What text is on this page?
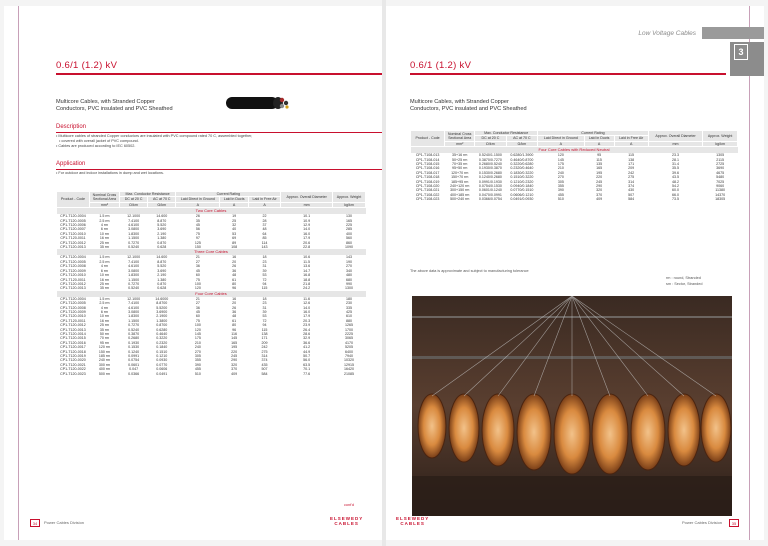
0.6/1 (1.2) kV
Multicore Cables, with Stranded Copper
Conductors, PVC insulated and PVC Sheathed
Description
• Multicore cables of stranded Copper conductors are insulated with PVC compound rated 70 C, assembled together,
• covered with overall jacket of PVC compound.
• Cables are produced according to IEC 60502.
Application
• For outdoor and indoor installations in dump and wet locations.
Product - Code	Nominal Cross Sectional Area	Max. Conductor Resistance		Current Rating			Approx. Overall Diameter	Approx. Weight
		DC at 20 C	AC at 70 C	Laid Direct in Ground	Laid in Ducts	Laid in Free Air		
	mm²	Ω/km	Ω/km	A	A	A	mm	kg/km
Two Core Cables								
CP1-T120-0004	1.5 rm	12.1000	14.600	26	19	22	10.1	130
CP1-T120-0005	2.5 rm	7.4100	8.870	35	25	28	10.9	165
CP1-T120-0006	4 rm	4.6100	5.520	45	32	37	12.9	225
CP1-T120-0007	6 rm	3.0800	3.690	56	40	48	14.0	285
CP1-T120-0010	10 rm	1.8300	2.190	75	53	64	16.0	400
CP1-T120-0011	16 rm	1.1500	1.380	97	69	85	17.9	560
CP1-T120-0012	25 rm	0.7270	0.870	125	89	114	20.6	860
CP1-T120-0013	35 rm	0.5240	0.628	150	108	143	22.8	1090

Three Core Cables								
CP1-T120-0004	1.5 rm	12.1000	14.600	21	16	18	10.6	143
CP1-T120-0005	2.5 rm	7.4100	8.870	27	20	23	11.5	190
CP1-T120-0008	4 rm	4.6100	5.520	36	26	31	13.6	270
CP1-T120-0009	6 rm	3.0800	3.690	45	36	39	14.7	340
CP1-T120-0010	10 rm	1.8300	2.190	60	48	53	16.8	480
CP1-T120-0011	16 rm	1.1500	1.380	75	61	72	18.8	680
CP1-T120-0012	25 rm	0.7270	0.870	100	80	94	21.8	990
CP1-T120-0013	35 rm	0.5240	0.628	120	96	115	24.2	1300

Four Core Cables								
CP1-T120-0004	1.5 rm	12.1000	14.6000	21	16	18	11.6	180
CP1-T120-0005	2.5 rm	7.4100	8.8700	27	20	23	12.6	230
CP1-T120-0008	4 rm	4.6100	5.5200	36	26	31	14.0	335
CP1-T120-0009	6 rm	3.0800	3.6900	45	36	39	16.0	425
CP1-T120-0010	10 rm	1.8300	2.1900	60	48	53	17.9	610
CP1-T120-0011	16 rm	1.1500	1.3800	75	61	72	20.3	880
CP1-T120-0012	25 rm	0.7270	0.8700	100	80	94	23.9	1265
CP1-T120-0013	35 rm	0.5240	0.6280	120	96	115	26.4	1700
CP1-T120-0014	50 rm	0.3870	0.4640	145	116	138	28.6	2225
CP1-T120-0015	70 rm	0.2680	0.3220	175	145	171	32.9	3065
CP1-T120-0016	95 rm	0.1930	0.2320	210	165	209	36.6	4170
CP1-T120-0017	120 rm	0.1530	0.1840	240	195	242	41.2	5205
CP1-T120-0018	150 rm	0.1240	0.1510	270	220	275	44.9	6400
CP1-T120-0019	185 rm	0.0991	0.1210	305	245	314	50.7	7940
CP1-T120-0020	240 rm	0.0754	0.0930	355	290	374	56.0	10320
CP1-T120-0021	300 rm	0.0601	0.0770	390	320	435	63.5	12915
CP1-T120-0022	400 rm	0.047	0.0606	455	370	507	70.1	16420
CP1-T120-0023	500 rm	0.0366	0.0491	510	409	584	77.6	21085
cont'd
34	Power Cables Division
ELSEWEDY
CABLES
Low Voltage Cables
3
0.6/1 (1.2) kV
Multicore Cables, with Stranded Copper
Conductors, PVC insulated and PVC Sheathed
Product - Code	Nominal Cross Sectional Area	Max. Conductor Resistance		Current Rating			Approx. Overall Diameter	Approx. Weight
		DC at 20 C	AC at 70 C	Laid Direct in Ground	Laid in Ducts	Laid in Free Air		
	mm²	Ω/km	Ω/km	A	A	A	mm	kg/km
Four Core Cables with Reduced Neutral								
CP1-T108-013	35+16 rm	0.5240/1.1500	0.6280/1.3900	120	95	115	23.3	1305
CP1-T108-014	50+25 rm	0.3870/0.7270	0.4640/0.8700	145	115	138	28.1	2115
CP1-T108-015	70+35 rm	0.2680/0.5240	0.3220/0.6280	175	135	171	31.4	2725
CP1-T108-016	95+50 rm	0.1930/0.3870	0.2320/0.4640	210	165	209	35.5	3690
CP1-T108-017	120+70 rm	0.1530/0.2680	0.1830/0.3220	240	195	242	39.6	4675
CP1-T108-018	150+70 rm	0.1240/0.2680	0.1510/0.3220	270	220	275	43.5	5480
CP1-T108-019	185+95 rm	0.0991/0.1930	0.1210/0.2320	305	245	314	48.2	7025
CP1-T108-020	240+120 rm	0.0754/0.1530	0.0940/0.1840	355	290	374	54.2	9060
CP1-T108-021	300+150 rm	0.0601/0.1240	0.0770/0.1510	390	320	430	60.0	11380
CP1-T108-022	400+185 rm	0.0470/0.0991	0.0606/0.1210	455	370	507	66.0	14370
CP1-T108-023	500+240 rm	0.0366/0.0754	0.0491/0.0930	510	409	584	73.5	18305
The above data is approximate and subject to manufacturing tolerance
rm : round, Stranded
sm : Sector, Stranded
ELSEWEDY
CABLES	Power Cables Division	35
